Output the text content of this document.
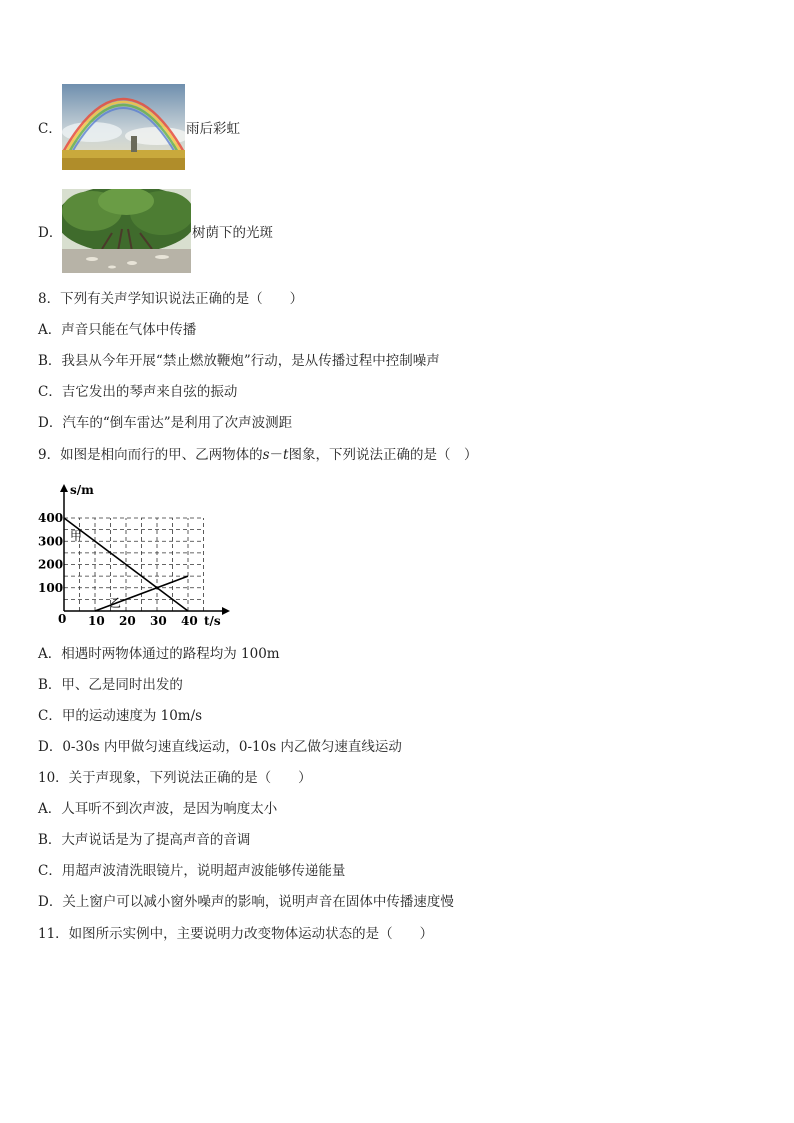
C．	雨后彩虹
D．	树荫下的光斑
8．下列有关声学知识说法正确的是（　　）
A．声音只能在气体中传播
B．我县从今年开展“禁止燃放鞭炮”行动，是从传播过程中控制噪声
C．吉它发出的琴声来自弦的振动
D．汽车的“倒车雷达”是利用了次声波测距
9．如图是相向而行的甲、乙两物体的s－t图象，下列说法正确的是（　）
s/m
t/s
0 10 20 30 40
100
200
300
400
甲
乙
A．相遇时两物体通过的路程均为 100m
B．甲、乙是同时出发的
C．甲的运动速度为 10m/s
D．0-30s 内甲做匀速直线运动，0-10s 内乙做匀速直线运动
10．关于声现象，下列说法正确的是（　　）
A．人耳听不到次声波，是因为响度太小
B．大声说话是为了提高声音的音调
C．用超声波清洗眼镜片，说明超声波能够传递能量
D．关上窗户可以减小窗外噪声的影响，说明声音在固体中传播速度慢
11．如图所示实例中，主要说明力改变物体运动状态的是（　　）
